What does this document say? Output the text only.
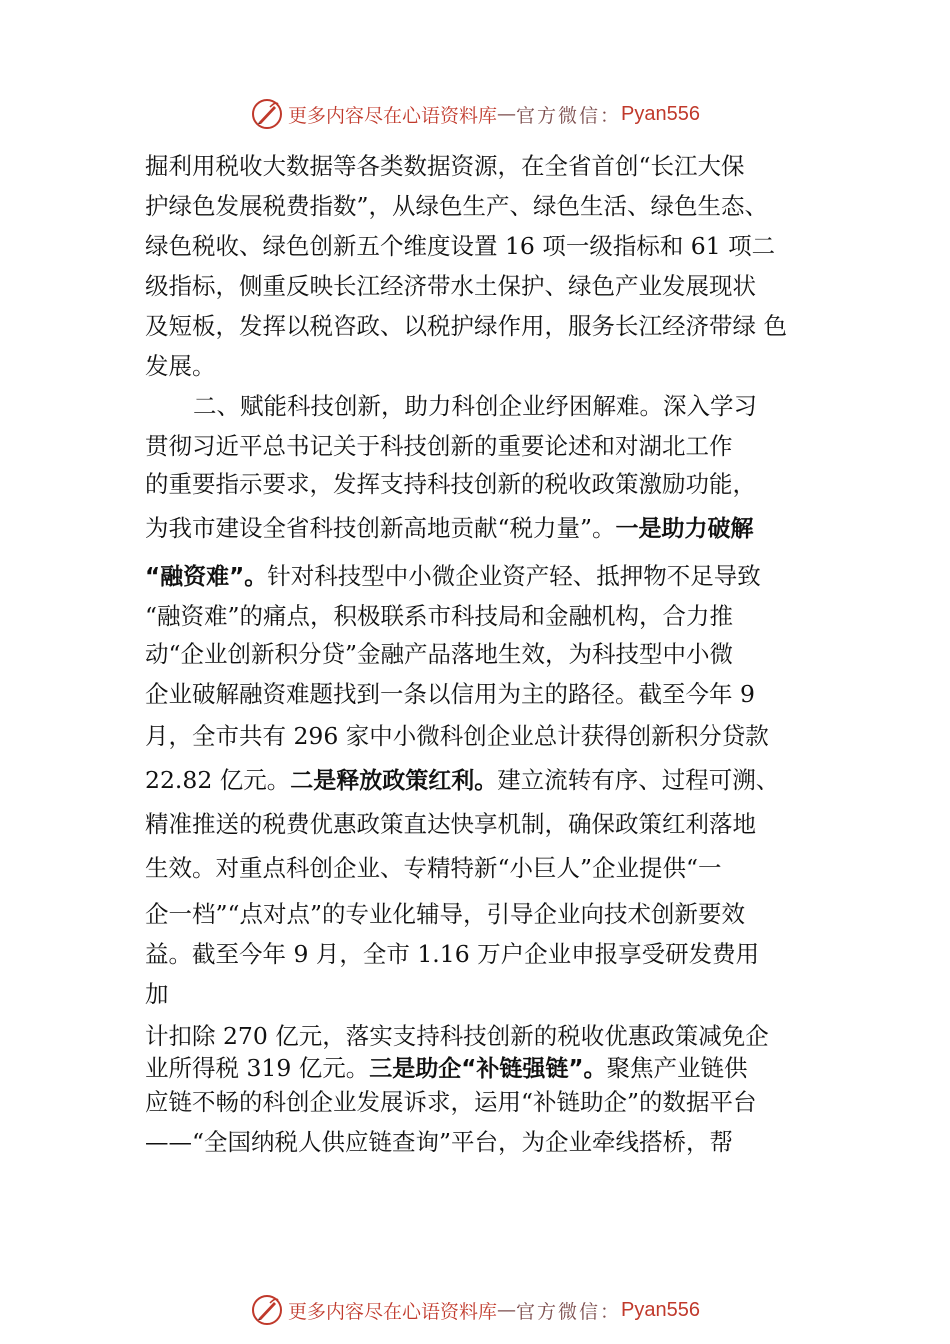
更多内容尽在心语资料库 — 官方微信： Pyan556
掘利用税收大数据等各类数据资源，在全省首创“长江大保
护绿色发展税费指数”，从绿色生产、绿色生活、绿色生态、
绿色税收、绿色创新五个维度设置 16 项一级指标和 61 项二
级指标，侧重反映长江经济带水土保护、绿色产业发展现状
及短板，发挥以税咨政、以税护绿作用，服务长江经济带绿 色
发展。
二、赋能科技创新，助力科创企业纾困解难。深入学习
贯彻习近平总书记关于科技创新的重要论述和对湖北工作
的重要指示要求，发挥支持科技创新的税收政策激励功能，
为我市建设全省科技创新高地贡献“税力量”。一是助力破解
“融资难”。针对科技型中小微企业资产轻、抵押物不足导致
“融资难”的痛点，积极联系市科技局和金融机构，合力推
动“企业创新积分贷”金融产品落地生效，为科技型中小微
企业破解融资难题找到一条以信用为主的路径。截至今年 9
月，全市共有 296 家中小微科创企业总计获得创新积分贷款
22.82 亿元。二是释放政策红利。建立流转有序、过程可溯、
精准推送的税费优惠政策直达快享机制，确保政策红利落地
生效。对重点科创企业、专精特新“小巨人”企业提供“一
企一档”“点对点”的专业化辅导，引导企业向技术创新要效
益。截至今年 9 月，全市 1.16 万户企业申报享受研发费用
加
计扣除 270 亿元，落实支持科技创新的税收优惠政策减免企
业所得税 319 亿元。三是助企“补链强链”。聚焦产业链供
应链不畅的科创企业发展诉求，运用“补链助企”的数据平台
——“全国纳税人供应链查询”平台，为企业牵线搭桥，帮
更多内容尽在心语资料库 — 官方微信： Pyan556
